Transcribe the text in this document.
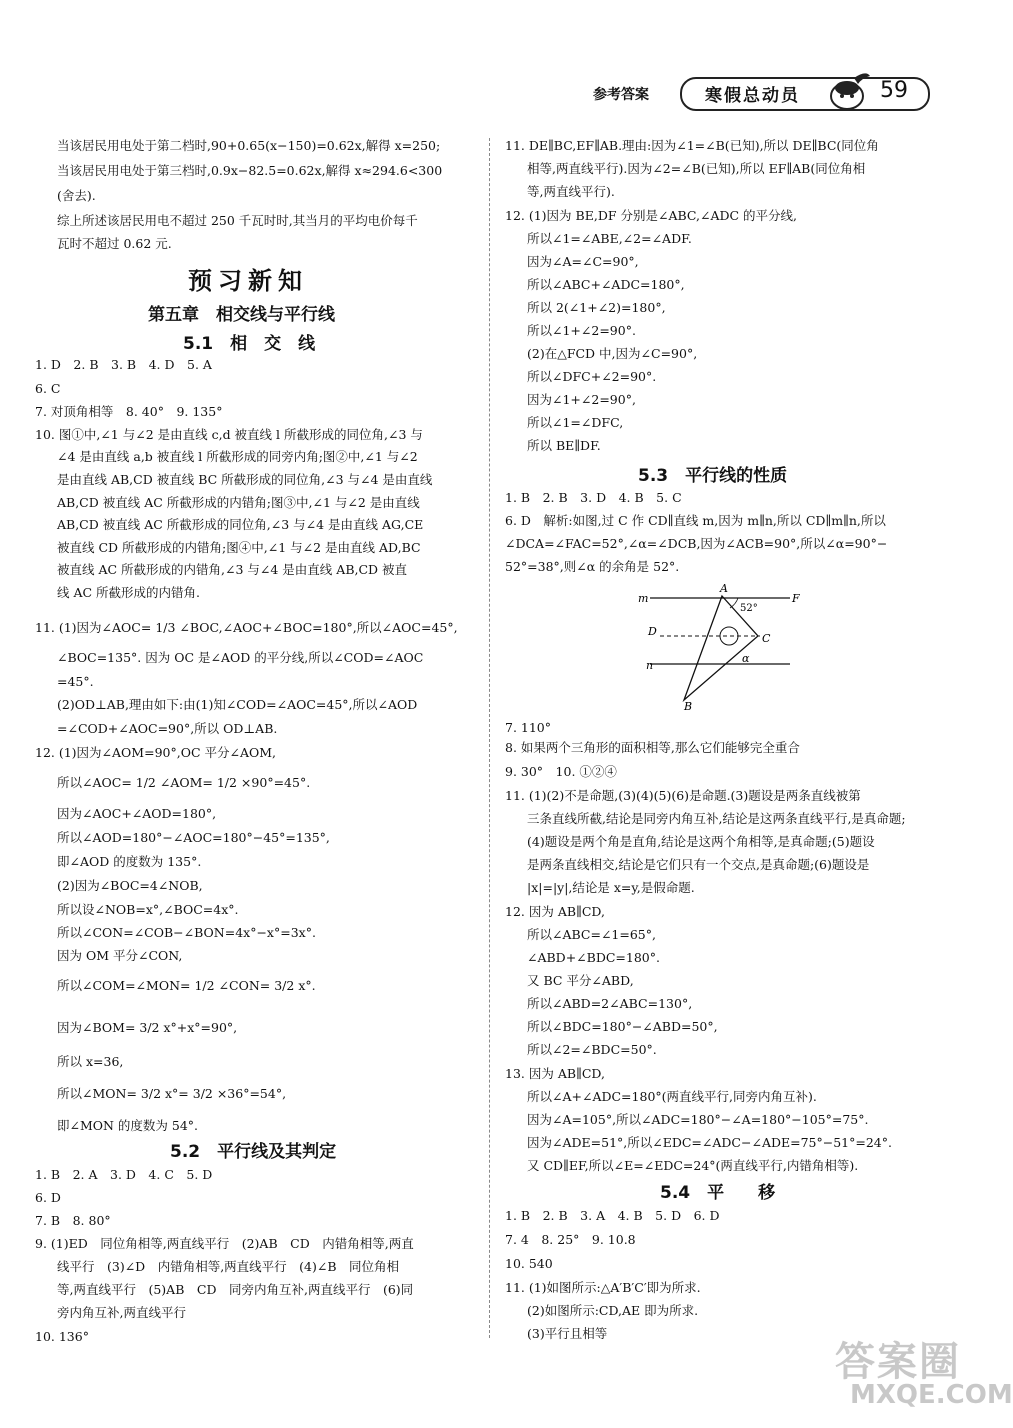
参考答案	寒假总动员	59
当该居民用电处于第二档时,90+0.65(x−150)=0.62x,解得 x=250;
当该居民用电处于第三档时,0.9x−82.5=0.62x,解得 x≈294.6<300
(舍去).
综上所述该居民用电不超过 250 千瓦时时,其当月的平均电价每千
瓦时不超过 0.62 元.
预习新知
第五章　相交线与平行线
5.1　相　交　线
1. D　2. B　3. B　4. D　5. A
6. C
7. 对顶角相等　8. 40°　9. 135°
10. 图①中,∠1 与∠2 是由直线 c,d 被直线 l 所截形成的同位角,∠3 与
∠4 是由直线 a,b 被直线 l 所截形成的同旁内角;图②中,∠1 与∠2
是由直线 AB,CD 被直线 BC 所截形成的同位角,∠3 与∠4 是由直线
AB,CD 被直线 AC 所截形成的内错角;图③中,∠1 与∠2 是由直线
AB,CD 被直线 AC 所截形成的同位角,∠3 与∠4 是由直线 AG,CE
被直线 CD 所截形成的内错角;图④中,∠1 与∠2 是由直线 AD,BC
被直线 AC 所截形成的内错角,∠3 与∠4 是由直线 AB,CD 被直
线 AC 所截形成的内错角.
11. (1)因为∠AOC= 1/3 ∠BOC,∠AOC+∠BOC=180°,所以∠AOC=45°,
∠BOC=135°. 因为 OC 是∠AOD 的平分线,所以∠COD=∠AOC
=45°.
(2)OD⊥AB,理由如下:由(1)知∠COD=∠AOC=45°,所以∠AOD
=∠COD+∠AOC=90°,所以 OD⊥AB.
12. (1)因为∠AOM=90°,OC 平分∠AOM,
所以∠AOC= 1/2 ∠AOM= 1/2 ×90°=45°.
因为∠AOC+∠AOD=180°,
所以∠AOD=180°−∠AOC=180°−45°=135°,
即∠AOD 的度数为 135°.
(2)因为∠BOC=4∠NOB,
所以设∠NOB=x°,∠BOC=4x°.
所以∠CON=∠COB−∠BON=4x°−x°=3x°.
因为 OM 平分∠CON,
所以∠COM=∠MON= 1/2 ∠CON= 3/2 x°.
因为∠BOM= 3/2 x°+x°=90°,
所以 x=36,
所以∠MON= 3/2 x°= 3/2 ×36°=54°,
即∠MON 的度数为 54°.
5.2　平行线及其判定
1. B　2. A　3. D　4. C　5. D
6. D
7. B　8. 80°
9. (1)ED　同位角相等,两直线平行　(2)AB　CD　内错角相等,两直
线平行　(3)∠D　内错角相等,两直线平行　(4)∠B　同位角相
等,两直线平行　(5)AB　CD　同旁内角互补,两直线平行　(6)同
旁内角互补,两直线平行
10. 136°
11. DE∥BC,EF∥AB.理由:因为∠1=∠B(已知),所以 DE∥BC(同位角
相等,两直线平行).因为∠2=∠B(已知),所以 EF∥AB(同位角相
等,两直线平行).
12. (1)因为 BE,DF 分别是∠ABC,∠ADC 的平分线,
所以∠1=∠ABE,∠2=∠ADF.
因为∠A=∠C=90°,
所以∠ABC+∠ADC=180°,
所以 2(∠1+∠2)=180°,
所以∠1+∠2=90°.
(2)在△FCD 中,因为∠C=90°,
所以∠DFC+∠2=90°.
因为∠1+∠2=90°,
所以∠1=∠DFC,
所以 BE∥DF.
5.3　平行线的性质
1. B　2. B　3. D　4. B　5. C
6. D　解析:如图,过 C 作 CD∥直线 m,因为 m∥n,所以 CD∥m∥n,所以
∠DCA=∠FAC=52°,∠α=∠DCB,因为∠ACB=90°,所以∠α=90°−
52°=38°,则∠α 的余角是 52°.
m	F
A
52°
D
C
n
α
B
7. 110°
8. 如果两个三角形的面积相等,那么它们能够完全重合
9. 30°　10. ①②④
11. (1)(2)不是命题,(3)(4)(5)(6)是命题.(3)题设是两条直线被第
三条直线所截,结论是同旁内角互补,结论是这两条直线平行,是真命题;
(4)题设是两个角是直角,结论是这两个角相等,是真命题;(5)题设
是两条直线相交,结论是它们只有一个交点,是真命题;(6)题设是
|x|=|y|,结论是 x=y,是假命题.
12. 因为 AB∥CD,
所以∠ABC=∠1=65°,
∠ABD+∠BDC=180°.
又 BC 平分∠ABD,
所以∠ABD=2∠ABC=130°,
所以∠BDC=180°−∠ABD=50°,
所以∠2=∠BDC=50°.
13. 因为 AB∥CD,
所以∠A+∠ADC=180°(两直线平行,同旁内角互补).
因为∠A=105°,所以∠ADC=180°−∠A=180°−105°=75°.
因为∠ADE=51°,所以∠EDC=∠ADC−∠ADE=75°−51°=24°.
又 CD∥EF,所以∠E=∠EDC=24°(两直线平行,内错角相等).
5.4　平　　移
1. B　2. B　3. A　4. B　5. D　6. D
7. 4　8. 25°　9. 10.8
10. 540
11. (1)如图所示:△A′B′C′即为所求.
(2)如图所示:CD,AE 即为所求.
(3)平行且相等
答案圈
MXQE.COM
